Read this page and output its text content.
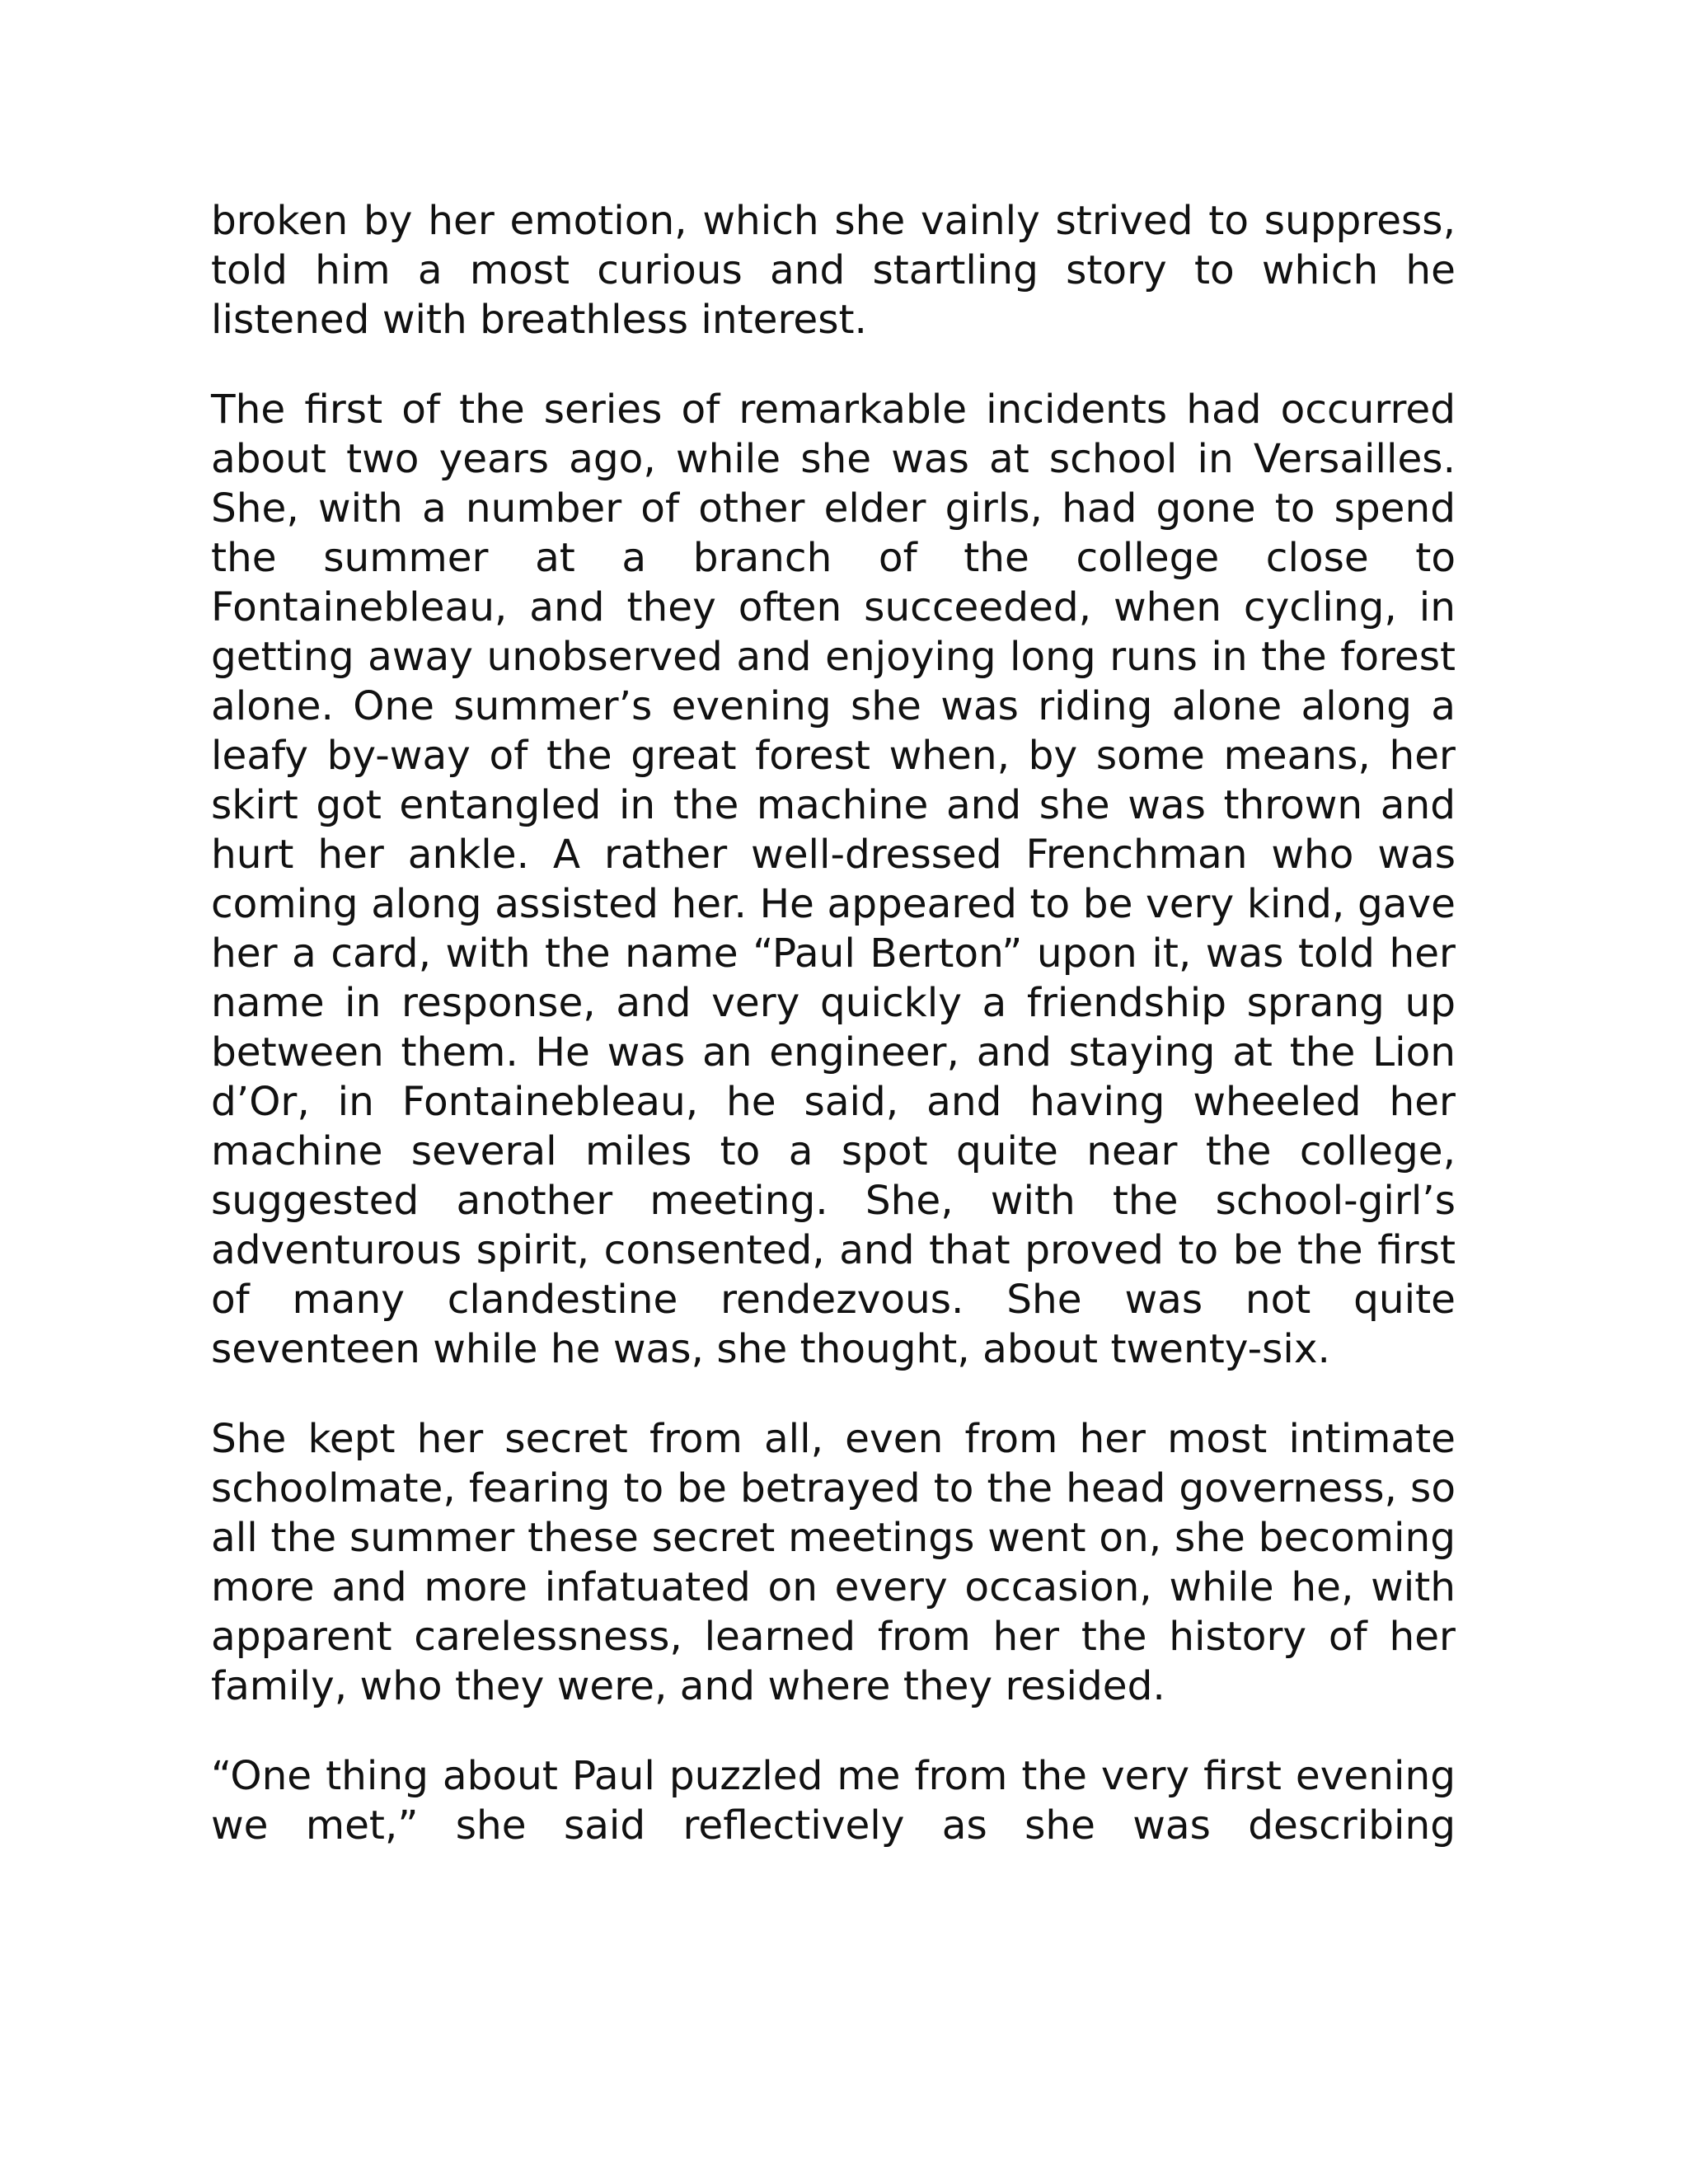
broken by her emotion, which she vainly strived to suppress, told him a most curious and startling story to which he listened with breathless interest.

The first of the series of remarkable incidents had occurred about two years ago, while she was at school in Versailles. She, with a number of other elder girls, had gone to spend the summer at a branch of the college close to Fontainebleau, and they often succeeded, when cycling, in getting away unobserved and enjoying long runs in the forest alone. One summer’s evening she was riding alone along a leafy by-way of the great forest when, by some means, her skirt got entangled in the machine and she was thrown and hurt her ankle. A rather well-dressed Frenchman who was coming along assisted her. He appeared to be very kind, gave her a card, with the name “Paul Berton” upon it, was told her name in response, and very quickly a friendship sprang up between them. He was an engineer, and staying at the Lion d’Or, in Fontainebleau, he said, and having wheeled her machine several miles to a spot quite near the college, suggested another meeting. She, with the school-girl’s adventurous spirit, consented, and that proved to be the first of many clandestine rendezvous. She was not quite seventeen while he was, she thought, about twenty-six.

She kept her secret from all, even from her most intimate schoolmate, fearing to be betrayed to the head governess, so all the summer these secret meetings went on, she becoming more and more infatuated on every occasion, while he, with apparent carelessness, learned from her the history of her family, who they were, and where they resided.

“One thing about Paul puzzled me from the very first evening we met,” she said reflectively as she was describing
